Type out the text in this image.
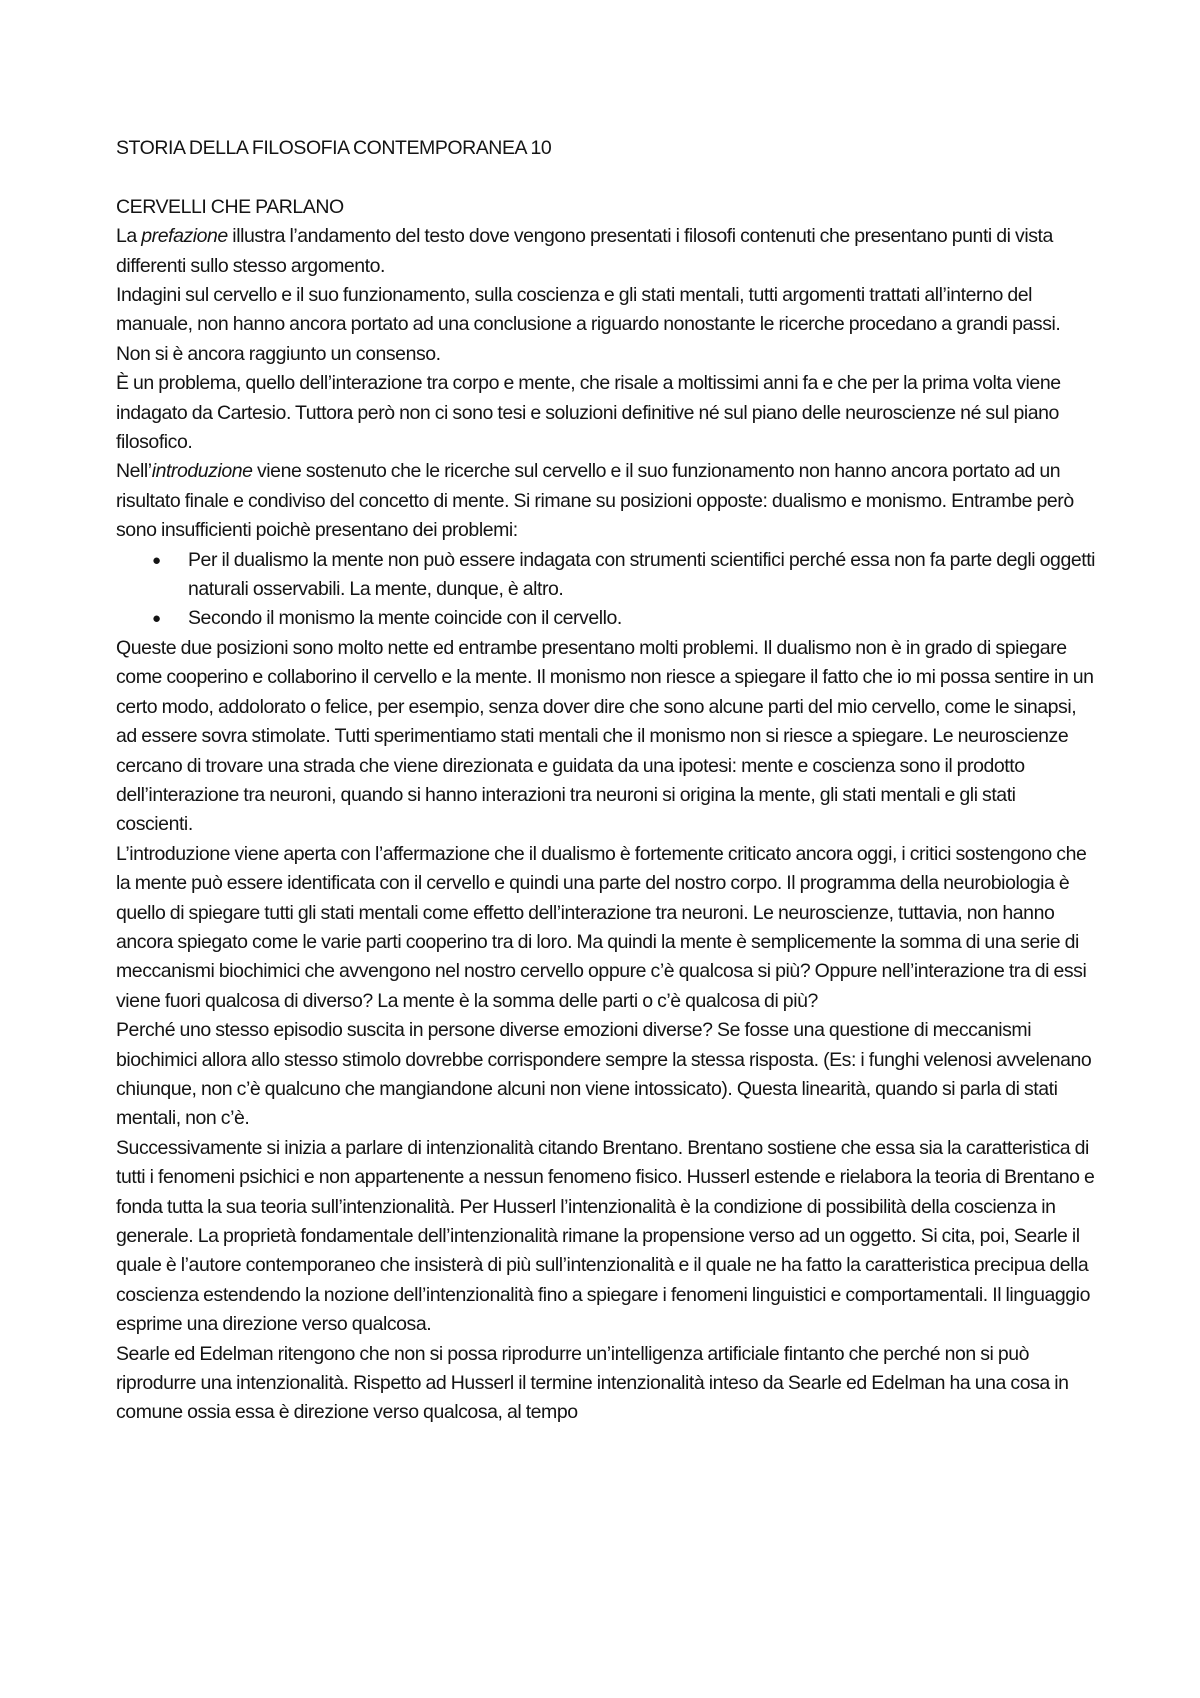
STORIA DELLA FILOSOFIA CONTEMPORANEA 10
CERVELLI CHE PARLANO

La prefazione illustra l’andamento del testo dove vengono presentati i filosofi contenuti che presentano punti di vista differenti sullo stesso argomento.

Indagini sul cervello e il suo funzionamento, sulla coscienza e gli stati mentali, tutti argomenti trattati all’interno del manuale, non hanno ancora portato ad una conclusione a riguardo nonostante le ricerche procedano a grandi passi. Non si è ancora raggiunto un consenso.

È un problema, quello dell’interazione tra corpo e mente, che risale a moltissimi anni fa e che per la prima volta viene indagato da Cartesio. Tuttora però non ci sono tesi e soluzioni definitive né sul piano delle neuroscienze né sul piano filosofico.

Nell’introduzione viene sostenuto che le ricerche sul cervello e il suo funzionamento non hanno ancora portato ad un risultato finale e condiviso del concetto di mente. Si rimane su posizioni opposte: dualismo e monismo. Entrambe però sono insufficienti poichè presentano dei problemi:

● Per il dualismo la mente non può essere indagata con strumenti scientifici perché essa non fa parte degli oggetti naturali osservabili. La mente, dunque, è altro.
● Secondo il monismo la mente coincide con il cervello.

Queste due posizioni sono molto nette ed entrambe presentano molti problemi. Il dualismo non è in grado di spiegare come cooperino e collaborino il cervello e la mente. Il monismo non riesce a spiegare il fatto che io mi possa sentire in un certo modo, addolorato o felice, per esempio, senza dover dire che sono alcune parti del mio cervello, come le sinapsi, ad essere sovra stimolate. Tutti sperimentiamo stati mentali che il monismo non si riesce a spiegare. Le neuroscienze cercano di trovare una strada che viene direzionata e guidata da una ipotesi: mente e coscienza sono il prodotto dell’interazione tra neuroni, quando si hanno interazioni tra neuroni si origina la mente, gli stati mentali e gli stati coscienti.

L’introduzione viene aperta con l’affermazione che il dualismo è fortemente criticato ancora oggi, i critici sostengono che la mente può essere identificata con il cervello e quindi una parte del nostro corpo. Il programma della neurobiologia è quello di spiegare tutti gli stati mentali come effetto dell’interazione tra neuroni. Le neuroscienze, tuttavia, non hanno ancora spiegato come le varie parti cooperino tra di loro. Ma quindi la mente è semplicemente la somma di una serie di meccanismi biochimici che avvengono nel nostro cervello oppure c’è qualcosa si più? Oppure nell’interazione tra di essi viene fuori qualcosa di diverso? La mente è la somma delle parti o c’è qualcosa di più?

Perché uno stesso episodio suscita in persone diverse emozioni diverse? Se fosse una questione di meccanismi biochimici allora allo stesso stimolo dovrebbe corrispondere sempre la stessa risposta. (Es: i funghi velenosi avvelenano chiunque, non c’è qualcuno che mangiandone alcuni non viene intossicato). Questa linearità, quando si parla di stati mentali, non c’è.

Successivamente si inizia a parlare di intenzionalità citando Brentano. Brentano sostiene che essa sia la caratteristica di tutti i fenomeni psichici e non appartenente a nessun fenomeno fisico. Husserl estende e rielabora la teoria di Brentano e fonda tutta la sua teoria sull’intenzionalità. Per Husserl l’intenzionalità è la condizione di possibilità della coscienza in generale. La proprietà fondamentale dell’intenzionalità rimane la propensione verso ad un oggetto. Si cita, poi, Searle il quale è l’autore contemporaneo che insisterà di più sull’intenzionalità e il quale ne ha fatto la caratteristica precipua della coscienza estendendo la nozione dell’intenzionalità fino a spiegare i fenomeni linguistici e comportamentali. Il linguaggio esprime una direzione verso qualcosa.

Searle ed Edelman ritengono che non si possa riprodurre un’intelligenza artificiale fintanto che perché non si può riprodurre una intenzionalità. Rispetto ad Husserl il termine intenzionalità inteso da Searle ed Edelman ha una cosa in comune ossia essa è direzione verso qualcosa, al tempo
